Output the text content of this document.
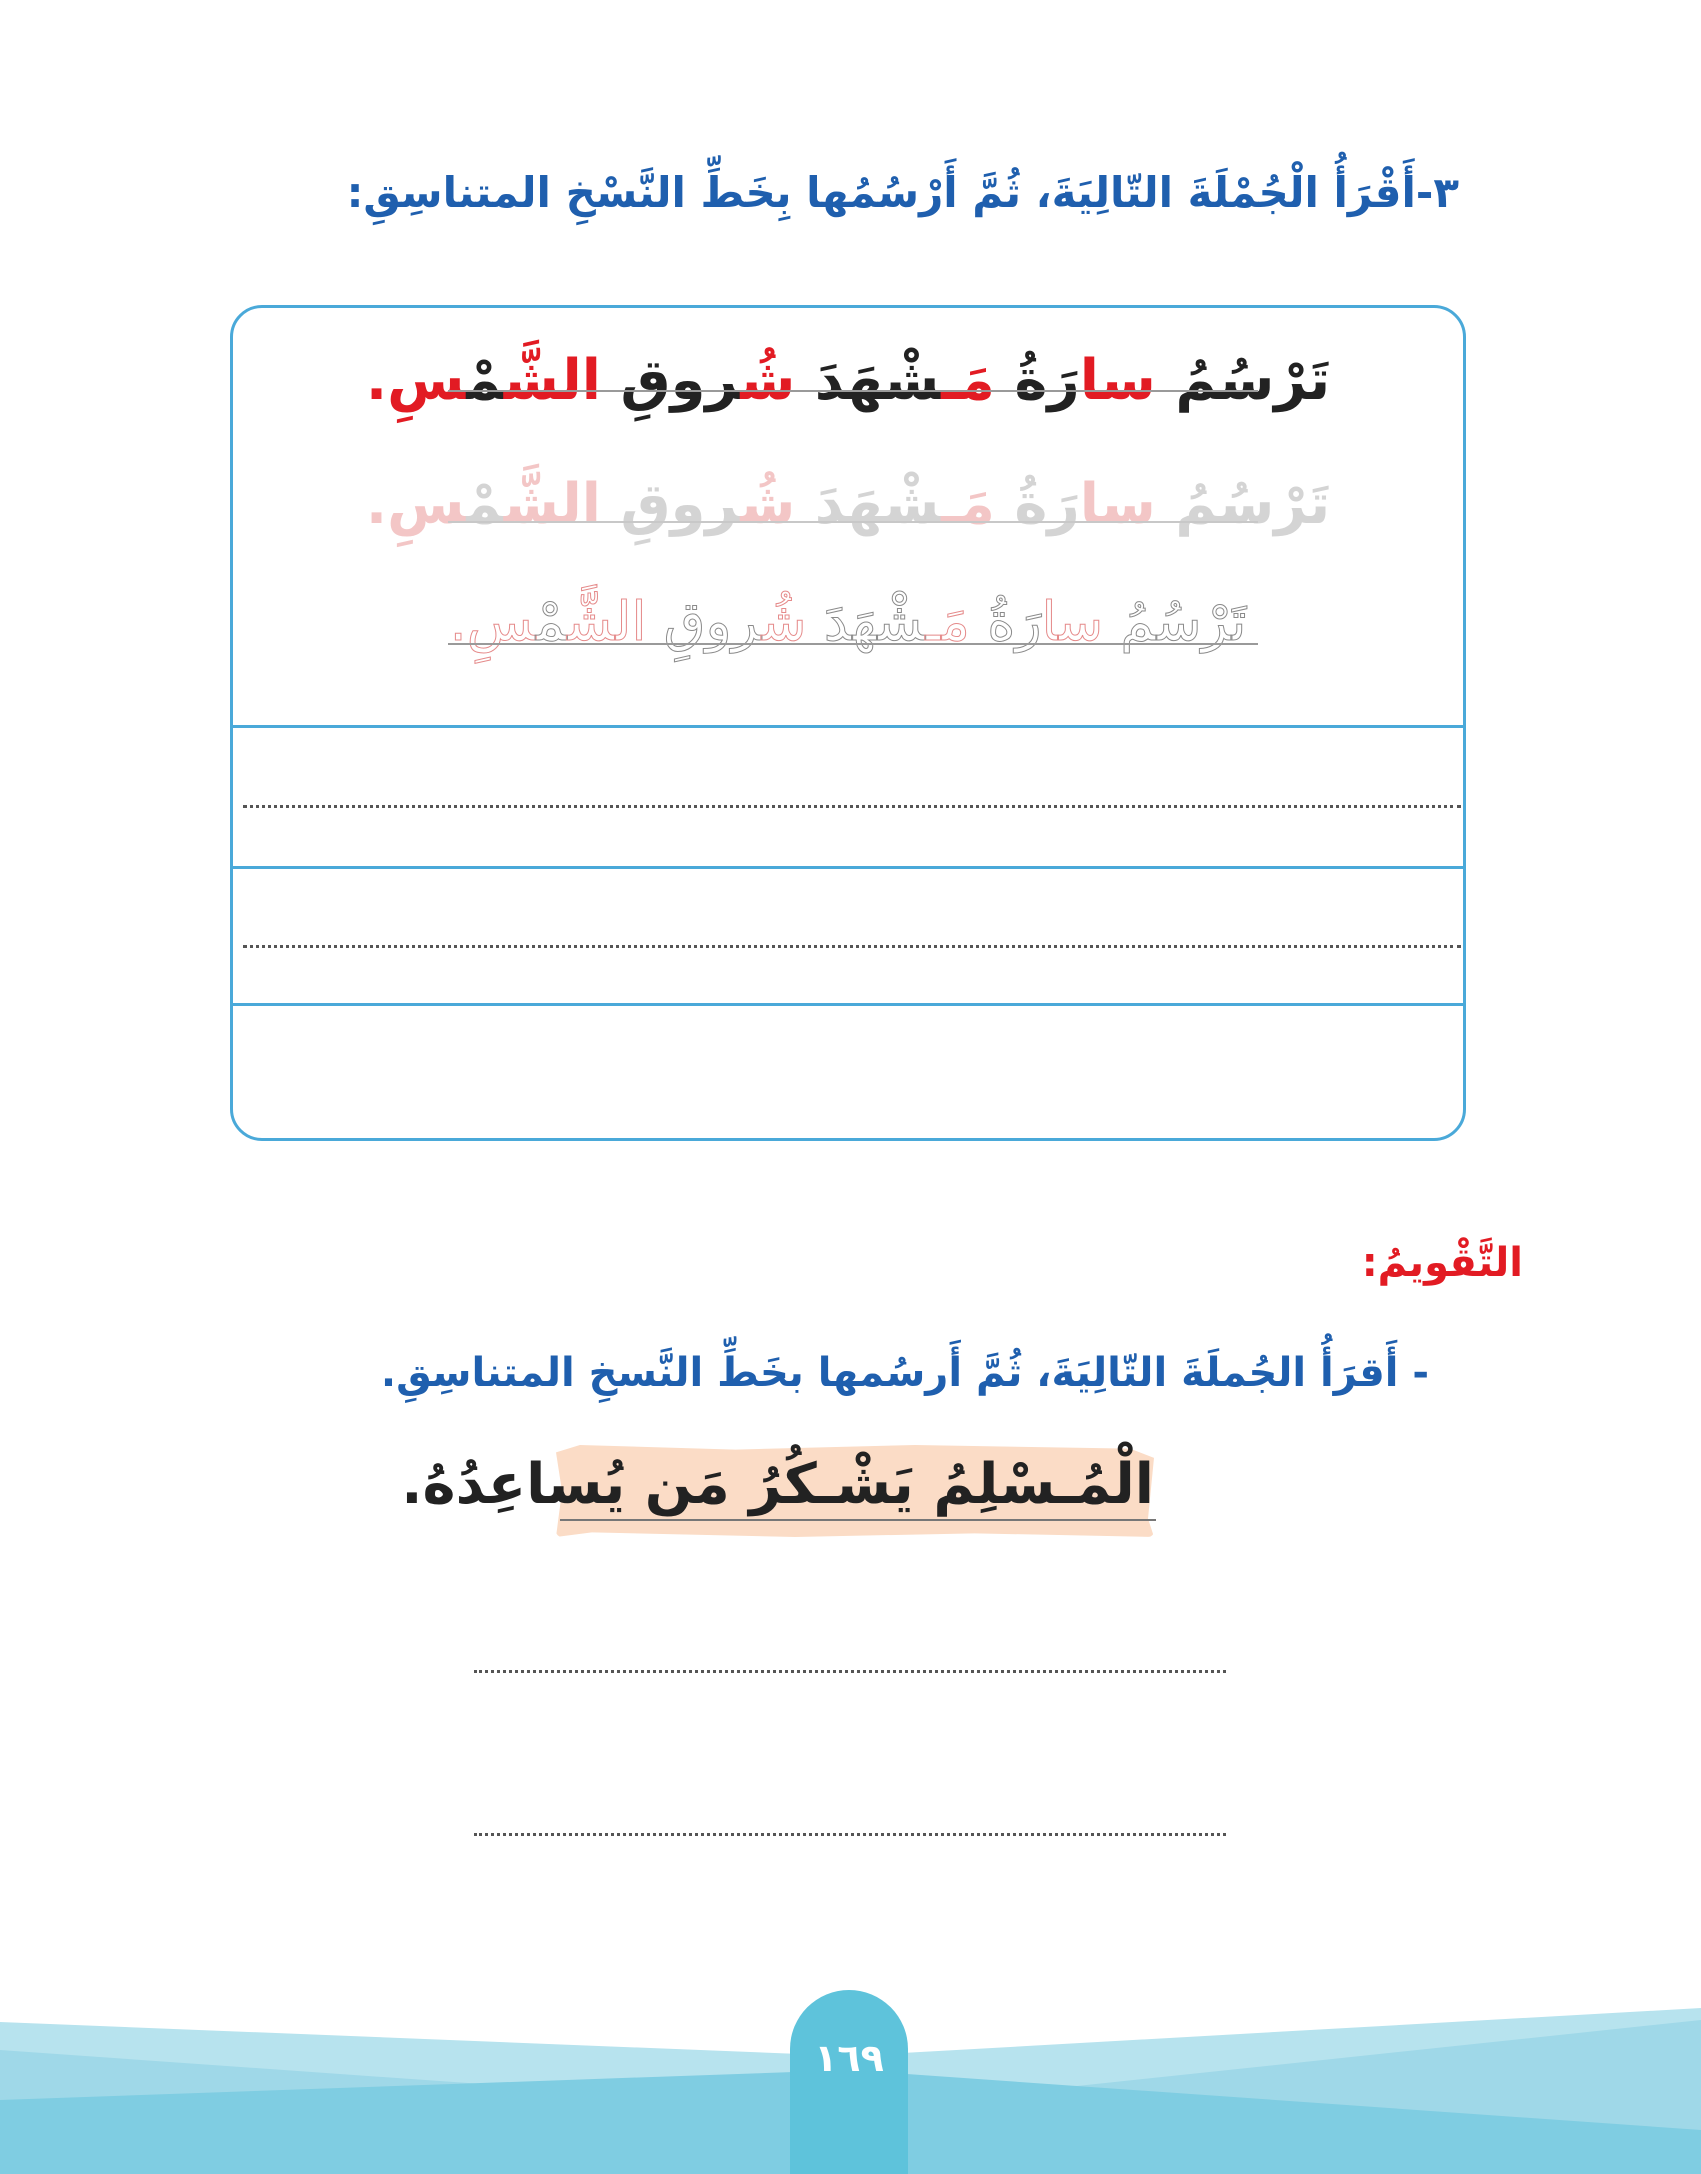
٣-أَقْرَأُ الْجُمْلَةَ التّالِيَةَ، ثُمَّ أَرْسُمُها بِخَطِّ النَّسْخِ المتناسِقِ:
تَرْسُمُ سارَةُ مَـشْهَدَ شُروقِ الشَّمْسِ.
تَرْسُمُ سارَةُ مَـشْهَدَ شُروقِ الشَّمْسِ.
تَرْسُمُ سارَةُ مَـشْهَدَ شُروقِ الشَّمْسِ.
التَّقْويمُ:
- أَقرَأُ الجُملَةَ التّالِيَةَ، ثُمَّ أَرسُمها بخَطِّ النَّسخِ المتناسِقِ.
الْمُـسْلِمُ يَشْـكُرُ مَن يُساعِدُهُ.
١٦٩
